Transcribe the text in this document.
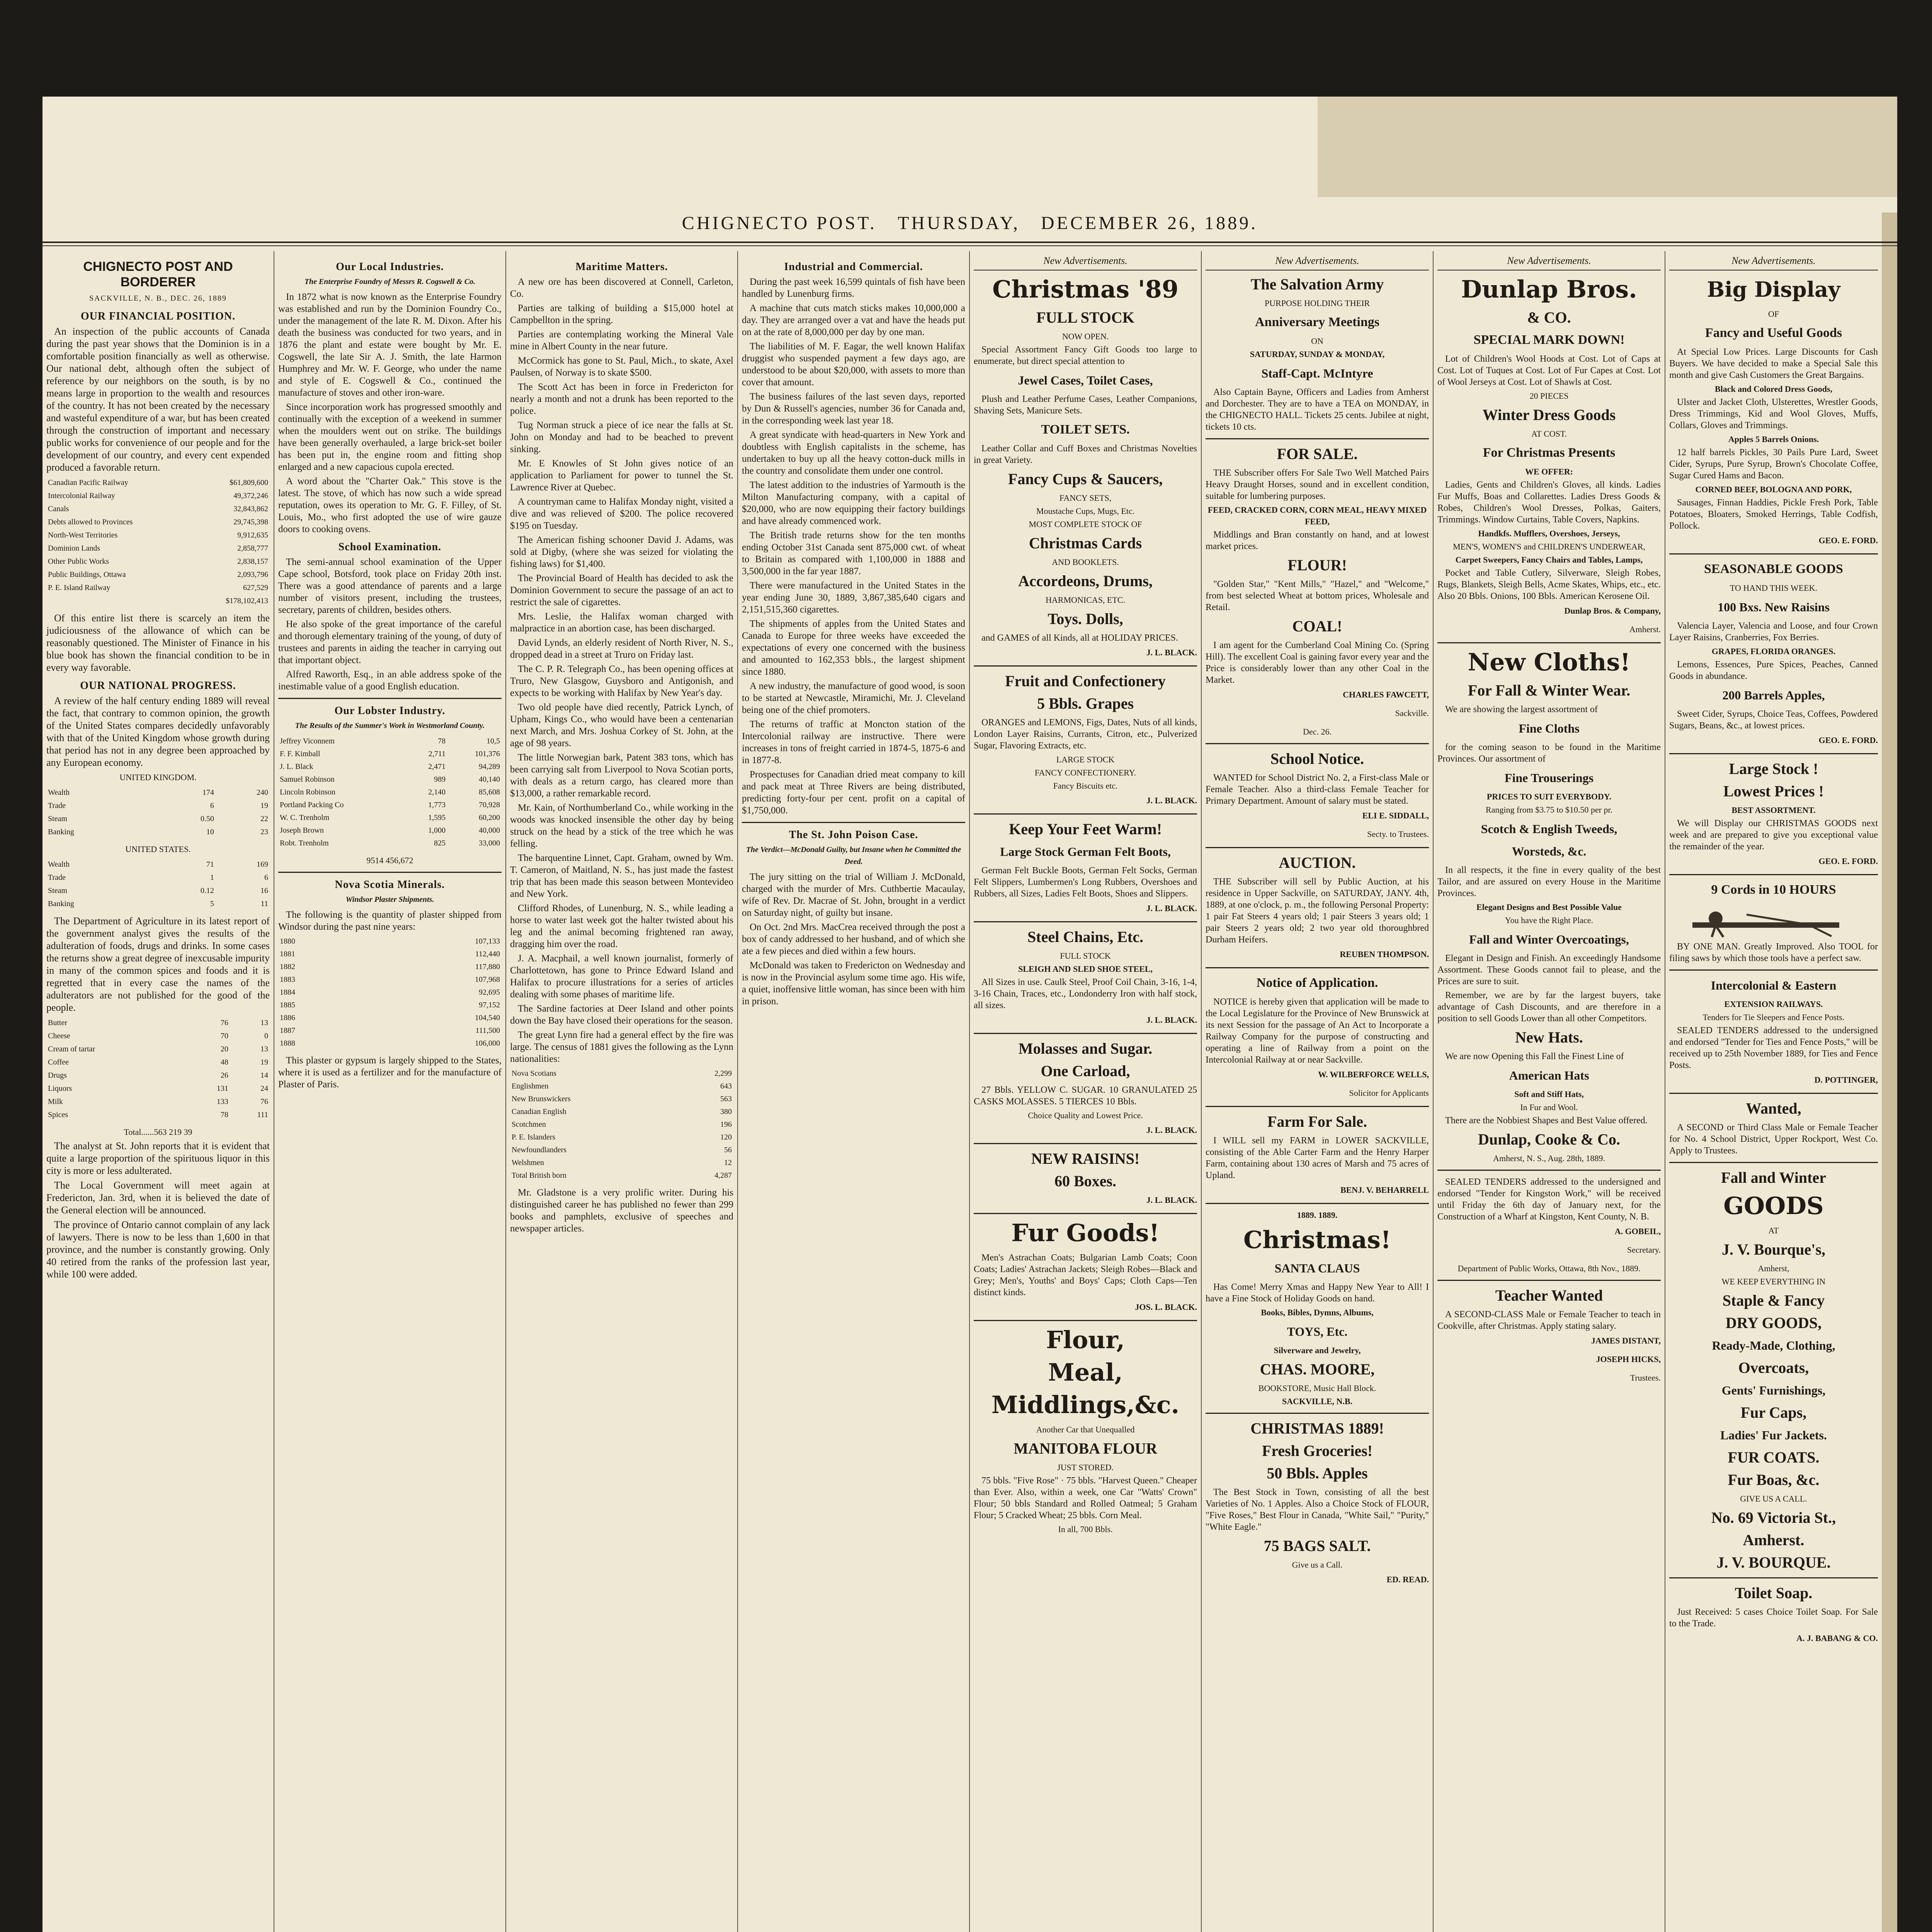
CHIGNECTO POST. THURSDAY, DECEMBER 26, 1889.
CHIGNECTO POST AND BORDERER
SACKVILLE, N. B., DEC. 26, 1889
OUR FINANCIAL POSITION.

An inspection of the public accounts of Canada during the past year shows that the Dominion is in a comfortable position financially as well as otherwise. Our national debt, although often the subject of reference by our neighbors on the south, is by no means large in proportion to the wealth and resources of the country. It has not been created by the necessary and wasteful expenditure of a war, but has been created through the construction of important and necessary public works for convenience of our people and for the development of our country, and every cent expended produced a favorable return.

Canadian Pacific Railway	$61,809,600
Intercolonial Railway	49,372,246
Canals	32,843,862
Debts allowed to Provinces	29,745,398
North-West Territories	9,912,635
Dominion Lands	2,858,777
Other Public Works	2,838,157
Public Buildings, Ottawa	2,093,796
P. E. Island Railway	627,529
	$178,102,413

Of this entire list there is scarcely an item the judiciousness of the allowance of which can be reasonably questioned. The Minister of Finance in his blue book has shown the financial condition to be in every way favorable.

OUR NATIONAL PROGRESS.

A review of the half century ending 1889 will reveal the fact, that contrary to common opinion, the growth of the United States compares decidedly unfavorably with that of the United Kingdom whose growth during that period has not in any degree been approached by any European economy.

UNITED KINGDOM.
Wealth	174	240
Trade	6	19
Steam	0.50	22
Banking	10	23
UNITED STATES.
Wealth	71	169
Trade	1	6
Steam	0.12	16
Banking	5	11

The Department of Agriculture in its latest report of the government analyst gives the results of the adulteration of foods, drugs and drinks. In some cases the returns show a great degree of inexcusable impurity in many of the common spices and foods and it is regretted that in every case the names of the adulterators are not published for the good of the people.

Butter	76	13
Cheese	70	0
Cream of tartar	20	13
Coffee	48	19
Drugs	26	14
Liquors	131	24
Milk	133	76
Spices	78	111
Total......563 219 39

The analyst at St. John reports that it is evident that quite a large proportion of the spirituous liquor in this city is more or less adulterated.

The Local Government will meet again at Fredericton, Jan. 3rd, when it is believed the date of the General election will be announced.

The province of Ontario cannot complain of any lack of lawyers. There is now to be less than 1,600 in that province, and the number is constantly growing. Only 40 retired from the ranks of the profession last year, while 100 were added.

Our Local Industries.
The Enterprise Foundry of Messrs R. Cogswell & Co.

In 1872 what is now known as the Enterprise Foundry was established and run by the Dominion Foundry Co., under the management of the late R. M. Dixon. After his death the business was conducted for two years, and in 1876 the plant and estate were bought by Mr. E. Cogswell, the late Sir A. J. Smith, the late Harmon Humphrey and Mr. W. F. George, who under the name and style of E. Cogswell & Co., continued the manufacture of stoves and other iron-ware.

Since incorporation work has progressed smoothly and continually with the exception of a weekend in summer when the moulders went out on strike. The buildings have been generally overhauled, a large brick-set boiler has been put in, the engine room and fitting shop enlarged and a new capacious cupola erected.

A word about the "Charter Oak." This stove is the latest. The stove, of which has now such a wide spread reputation, owes its operation to Mr. G. F. Filley, of St. Louis, Mo., who first adopted the use of wire gauze doors to cooking ovens.

School Examination.

The semi-annual school examination of the Upper Cape school, Botsford, took place on Friday 20th inst. There was a good attendance of parents and a large number of visitors present, including the trustees, secretary, parents of children, besides others.

He also spoke of the great importance of the careful and thorough elementary training of the young, of duty of trustees and parents in aiding the teacher in carrying out that important object.

Alfred Raworth, Esq., in an able address spoke of the inestimable value of a good English education.

Our Lobster Industry.
The Results of the Summer's Work in Westmorland County.
Jeffrey Viconnem	78	10,5
F. F. Kimball	2,711	101,376
J. L. Black	2,471	94,289
Samuel Robinson	989	40,140
Lincoln Robinson	2,140	85,608
Portland Packing Co	1,773	70,928
W. C. Trenholm	1,595	60,200
Joseph Brown	1,000	40,000
Robt. Trenholm	825	33,000
9514 456,672
Nova Scotia Minerals.
Windsor Plaster Shipments.

The following is the quantity of plaster shipped from Windsor during the past nine years:

1880	107,133
1881	112,440
1882	117,880
1883	107,968
1884	92,695
1885	97,152
1886	104,540
1887	111,500
1888	106,000

This plaster or gypsum is largely shipped to the States, where it is used as a fertilizer and for the manufacture of Plaster of Paris.

Maritime Matters.

A new ore has been discovered at Connell, Carleton, Co.

Parties are talking of building a $15,000 hotel at Campbellton in the spring.

Parties are contemplating working the Mineral Vale mine in Albert County in the near future.

McCormick has gone to St. Paul, Mich., to skate, Axel Paulsen, of Norway is to skate $500.

The Scott Act has been in force in Fredericton for nearly a month and not a drunk has been reported to the police.

Tug Norman struck a piece of ice near the falls at St. John on Monday and had to be beached to prevent sinking.

Mr. E Knowles of St John gives notice of an application to Parliament for power to tunnel the St. Lawrence River at Quebec.

A countryman came to Halifax Monday night, visited a dive and was relieved of $200. The police recovered $195 on Tuesday.

The American fishing schooner David J. Adams, was sold at Digby, (where she was seized for violating the fishing laws) for $1,400.

The Provincial Board of Health has decided to ask the Dominion Government to secure the passage of an act to restrict the sale of cigarettes.

Mrs. Leslie, the Halifax woman charged with malpractice in an abortion case, has been discharged.

David Lynds, an elderly resident of North River, N. S., dropped dead in a street at Truro on Friday last.

The C. P. R. Telegraph Co., has been opening offices at Truro, New Glasgow, Guysboro and Antigonish, and expects to be working with Halifax by New Year's day.

Two old people have died recently, Patrick Lynch, of Upham, Kings Co., who would have been a centenarian next March, and Mrs. Joshua Corkey of St. John, at the age of 98 years.

The little Norwegian bark, Patent 383 tons, which has been carrying salt from Liverpool to Nova Scotian ports, with deals as a return cargo, has cleared more than $13,000, a rather remarkable record.

Mr. Kain, of Northumberland Co., while working in the woods was knocked insensible the other day by being struck on the head by a stick of the tree which he was felling.

The barquentine Linnet, Capt. Graham, owned by Wm. T. Cameron, of Maitland, N. S., has just made the fastest trip that has been made this season between Montevideo and New York.

Clifford Rhodes, of Lunenburg, N. S., while leading a horse to water last week got the halter twisted about his leg and the animal becoming frightened ran away, dragging him over the road.

J. A. Macphail, a well known journalist, formerly of Charlottetown, has gone to Prince Edward Island and Halifax to procure illustrations for a series of articles dealing with some phases of maritime life.

The Sardine factories at Deer Island and other points down the Bay have closed their operations for the season.

The great Lynn fire had a general effect by the fire was large. The census of 1881 gives the following as the Lynn nationalities:

Nova Scotians	2,299
Englishmen	643
New Brunswickers	563
Canadian English	380
Scotchmen	196
P. E. Islanders	120
Newfoundlanders	56
Welshmen	12
Total British born	4,287

Mr. Gladstone is a very prolific writer. During his distinguished career he has published no fewer than 299 books and pamphlets, exclusive of speeches and newspaper articles.

Industrial and Commercial.

During the past week 16,599 quintals of fish have been handled by Lunenburg firms.

A machine that cuts match sticks makes 10,000,000 a day. They are arranged over a vat and have the heads put on at the rate of 8,000,000 per day by one man.

The liabilities of M. F. Eagar, the well known Halifax druggist who suspended payment a few days ago, are understood to be about $20,000, with assets to more than cover that amount.

The business failures of the last seven days, reported by Dun & Russell's agencies, number 36 for Canada and, in the corresponding week last year 18.

A great syndicate with head-quarters in New York and doubtless with English capitalists in the scheme, has undertaken to buy up all the heavy cotton-duck mills in the country and consolidate them under one control.

The latest addition to the industries of Yarmouth is the Milton Manufacturing company, with a capital of $20,000, who are now equipping their factory buildings and have already commenced work.

The British trade returns show for the ten months ending October 31st Canada sent 875,000 cwt. of wheat to Britain as compared with 1,100,000 in 1888 and 3,500,000 in the far year 1887.

There were manufactured in the United States in the year ending June 30, 1889, 3,867,385,640 cigars and 2,151,515,360 cigarettes.

The shipments of apples from the United States and Canada to Europe for three weeks have exceeded the expectations of every one concerned with the business and amounted to 162,353 bbls., the largest shipment since 1880.

A new industry, the manufacture of good wood, is soon to be started at Newcastle, Miramichi, Mr. J. Cleveland being one of the chief promoters.

The returns of traffic at Moncton station of the Intercolonial railway are instructive. There were increases in tons of freight carried in 1874-5, 1875-6 and in 1877-8.

Prospectuses for Canadian dried meat company to kill and pack meat at Three Rivers are being distributed, predicting forty-four per cent. profit on a capital of $1,750,000.

The St. John Poison Case.
The Verdict—McDonald Guilty, but Insane when he Committed the Deed.

The jury sitting on the trial of William J. McDonald, charged with the murder of Mrs. Cuthbertie Macaulay, wife of Rev. Dr. Macrae of St. John, brought in a verdict on Saturday night, of guilty but insane.

On Oct. 2nd Mrs. MacCrea received through the post a box of candy addressed to her husband, and of which she ate a few pieces and died within a few hours.

McDonald was taken to Fredericton on Wednesday and is now in the Provincial asylum some time ago. His wife, a quiet, inoffensive little woman, has since been with him in prison.

New Advertisements.
Christmas '89
FULL STOCK
NOW OPEN.

Special Assortment Fancy Gift Goods too large to enumerate, but direct special attention to

Jewel Cases, Toilet Cases,

Plush and Leather Perfume Cases, Leather Companions, Shaving Sets, Manicure Sets.

TOILET SETS.

Leather Collar and Cuff Boxes and Christmas Novelties in great Variety.

Fancy Cups & Saucers,
FANCY SETS,
Moustache Cups, Mugs, Etc.
MOST COMPLETE STOCK OF
Christmas Cards
AND BOOKLETS.
Accordeons, Drums,
HARMONICAS, ETC.
Toys. Dolls,

and GAMES of all Kinds, all at HOLIDAY PRICES.

J. L. BLACK.
Fruit and Confectionery
5 Bbls. Grapes

ORANGES and LEMONS, Figs, Dates, Nuts of all kinds, London Layer Raisins, Currants, Citron, etc., Pulverized Sugar, Flavoring Extracts, etc.

LARGE STOCK
FANCY CONFECTIONERY.
Fancy Biscuits etc.
J. L. BLACK.
Keep Your Feet Warm!
Large Stock German Felt Boots,

German Felt Buckle Boots, German Felt Socks, German Felt Slippers, Lumbermen's Long Rubbers, Overshoes and Rubbers, all Sizes, Ladies Felt Boots, Shoes and Slippers.

J. L. BLACK.
Steel Chains, Etc.
FULL STOCK
SLEIGH AND SLED SHOE STEEL,

All Sizes in use. Caulk Steel, Proof Coil Chain, 3-16, 1-4, 3-16 Chain, Traces, etc., Londonderry Iron with half stock, all sizes.

J. L. BLACK.
Molasses and Sugar.
One Carload,

27 Bbls. YELLOW C. SUGAR. 10 GRANULATED 25 CASKS MOLASSES. 5 TIERCES 10 Bbls.

Choice Quality and Lowest Price.
J. L. BLACK.
NEW RAISINS!
60 Boxes.
J. L. BLACK.
Fur Goods!

Men's Astrachan Coats; Bulgarian Lamb Coats; Coon Coats; Ladies' Astrachan Jackets; Sleigh Robes—Black and Grey; Men's, Youths' and Boys' Caps; Cloth Caps—Ten distinct kinds.

JOS. L. BLACK.
Flour,
Meal,
Middlings,&c.
Another Car that Unequalled
MANITOBA FLOUR
JUST STORED.

75 bbls. "Five Rose" · 75 bbls. "Harvest Queen." Cheaper than Ever. Also, within a week, one Car "Watts' Crown" Flour; 50 bbls Standard and Rolled Oatmeal; 5 Graham Flour; 5 Cracked Wheat; 25 bbls. Corn Meal.

In all, 700 Bbls.
New Advertisements.
The Salvation Army
PURPOSE HOLDING THEIR
Anniversary Meetings
ON
SATURDAY, SUNDAY & MONDAY,
Staff-Capt. McIntyre

Also Captain Bayne, Officers and Ladies from Amherst and Dorchester. They are to have a TEA on MONDAY, in the CHIGNECTO HALL. Tickets 25 cents. Jubilee at night, tickets 10 cts.

FOR SALE.

THE Subscriber offers For Sale Two Well Matched Pairs Heavy Draught Horses, sound and in excellent condition, suitable for lumbering purposes.

FEED, CRACKED CORN, CORN MEAL, HEAVY MIXED FEED,

Middlings and Bran constantly on hand, and at lowest market prices.

FLOUR!

"Golden Star," "Kent Mills," "Hazel," and "Welcome," from best selected Wheat at bottom prices, Wholesale and Retail.

COAL!

I am agent for the Cumberland Coal Mining Co. (Spring Hill). The excellent Coal is gaining favor every year and the Price is considerably lower than any other Coal in the Market.

CHARLES FAWCETT,
Sackville.
Dec. 26.
School Notice.

WANTED for School District No. 2, a First-class Male or Female Teacher. Also a third-class Female Teacher for Primary Department. Amount of salary must be stated.

ELI E. SIDDALL,
Secty. to Trustees.
AUCTION.

THE Subscriber will sell by Public Auction, at his residence in Upper Sackville, on SATURDAY, JANY. 4th, 1889, at one o'clock, p. m., the following Personal Property: 1 pair Fat Steers 4 years old; 1 pair Steers 3 years old; 1 pair Steers 2 years old; 2 two year old thoroughbred Durham Heifers.

REUBEN THOMPSON.
Notice of Application.

NOTICE is hereby given that application will be made to the Local Legislature for the Province of New Brunswick at its next Session for the passage of An Act to Incorporate a Railway Company for the purpose of constructing and operating a line of Railway from a point on the Intercolonial Railway at or near Sackville.

W. WILBERFORCE WELLS,
Solicitor for Applicants
Farm For Sale.

I WILL sell my FARM in LOWER SACKVILLE, consisting of the Able Carter Farm and the Henry Harper Farm, containing about 130 acres of Marsh and 75 acres of Upland.

BENJ. V. BEHARRELL
1889. 1889.
Christmas!
SANTA CLAUS

Has Come! Merry Xmas and Happy New Year to All! I have a Fine Stock of Holiday Goods on hand.

Books, Bibles, Dymns, Albums,
TOYS, Etc.
Silverware and Jewelry,
CHAS. MOORE,
BOOKSTORE, Music Hall Block.
SACKVILLE, N.B.
CHRISTMAS 1889!
Fresh Groceries!
50 Bbls. Apples

The Best Stock in Town, consisting of all the best Varieties of No. 1 Apples. Also a Choice Stock of FLOUR, "Five Roses," Best Flour in Canada, "White Sail," "Purity," "White Eagle."

75 BAGS SALT.
Give us a Call.
ED. READ.
New Advertisements.
Dunlap Bros.
& CO.
SPECIAL MARK DOWN!

Lot of Children's Wool Hoods at Cost. Lot of Caps at Cost. Lot of Tuques at Cost. Lot of Fur Capes at Cost. Lot of Wool Jerseys at Cost. Lot of Shawls at Cost.

20 PIECES
Winter Dress Goods
AT COST.
For Christmas Presents
WE OFFER:

Ladies, Gents and Children's Gloves, all kinds. Ladies Fur Muffs, Boas and Collarettes. Ladies Dress Goods & Robes, Children's Wool Dresses, Polkas, Gaiters, Trimmings. Window Curtains, Table Covers, Napkins.

Handkfs. Mufflers, Overshoes, Jerseys,
MEN'S, WOMEN'S and CHILDREN'S UNDERWEAR,
Carpet Sweepers, Fancy Chairs and Tables, Lamps,

Pocket and Table Cutlery, Silverware, Sleigh Robes, Rugs, Blankets, Sleigh Bells, Acme Skates, Whips, etc., etc. Also 20 Bbls. Onions, 100 Bbls. American Kerosene Oil.

Dunlap Bros. & Company,
Amherst.
New Cloths!
For Fall & Winter Wear.

We are showing the largest assortment of

Fine Cloths

for the coming season to be found in the Maritime Provinces. Our assortment of

Fine Trouserings
PRICES TO SUIT EVERYBODY.
Ranging from $3.75 to $10.50 per pr.
Scotch & English Tweeds,
Worsteds, &c.

In all respects, it the fine in every quality of the best Tailor, and are assured on every House in the Maritime Provinces.

Elegant Designs and Best Possible Value
You have the Right Place.
Fall and Winter Overcoatings,

Elegant in Design and Finish. An exceedingly Handsome Assortment. These Goods cannot fail to please, and the Prices are sure to suit.

Remember, we are by far the largest buyers, take advantage of Cash Discounts, and are therefore in a position to sell Goods Lower than all other Competitors.

New Hats.

We are now Opening this Fall the Finest Line of

American Hats
Soft and Stiff Hats,
In Fur and Wool.

There are the Nobbiest Shapes and Best Value offered.

Dunlap, Cooke & Co.
Amherst, N. S., Aug. 28th, 1889.

SEALED TENDERS addressed to the undersigned and endorsed "Tender for Kingston Work," will be received until Friday the 6th day of January next, for the Construction of a Wharf at Kingston, Kent County, N. B.

A. GOBEIL,
Secretary.
Department of Public Works, Ottawa, 8th Nov., 1889.
Teacher Wanted

A SECOND-CLASS Male or Female Teacher to teach in Cookville, after Christmas. Apply stating salary.

JAMES DISTANT,
JOSEPH HICKS,
Trustees.
New Advertisements.
Big Display
OF
Fancy and Useful Goods

At Special Low Prices. Large Discounts for Cash Buyers. We have decided to make a Special Sale this month and give Cash Customers the Great Bargains.

Black and Colored Dress Goods,

Ulster and Jacket Cloth, Ulsterettes, Wrestler Goods, Dress Trimmings, Kid and Wool Gloves, Muffs, Collars, Gloves and Trimmings.

Apples 5 Barrels Onions.

12 half barrels Pickles, 30 Pails Pure Lard, Sweet Cider, Syrups, Pure Syrup, Brown's Chocolate Coffee, Sugar Cured Hams and Bacon.

CORNED BEEF, BOLOGNA AND PORK,

Sausages, Finnan Haddies, Pickle Fresh Pork, Table Potatoes, Bloaters, Smoked Herrings, Table Codfish, Pollock.

GEO. E. FORD.
SEASONABLE GOODS
TO HAND THIS WEEK.
100 Bxs. New Raisins

Valencia Layer, Valencia and Loose, and four Crown Layer Raisins, Cranberries, Fox Berries.

GRAPES, FLORIDA ORANGES.

Lemons, Essences, Pure Spices, Peaches, Canned Goods in abundance.

200 Barrels Apples,

Sweet Cider, Syrups, Choice Teas, Coffees, Powdered Sugars, Beans, &c., at lowest prices.

GEO. E. FORD.
Large Stock !
Lowest Prices !
BEST ASSORTMENT.

We will Display our CHRISTMAS GOODS next week and are prepared to give you exceptional value the remainder of the year.

GEO. E. FORD.
9 Cords in 10 HOURS

BY ONE MAN. Greatly Improved. Also TOOL for filing saws by which those tools have a perfect saw.

Intercolonial & Eastern
EXTENSION RAILWAYS.
Tenders for Tie Sleepers and Fence Posts.

SEALED TENDERS addressed to the undersigned and endorsed "Tender for Ties and Fence Posts," will be received up to 25th November 1889, for Ties and Fence Posts.

D. POTTINGER,
Wanted,

A SECOND or Third Class Male or Female Teacher for No. 4 School District, Upper Rockport, West Co. Apply to Trustees.

Fall and Winter
GOODS
AT
J. V. Bourque's,
Amherst,
WE KEEP EVERYTHING IN
Staple & Fancy
DRY GOODS,
Ready-Made, Clothing,
Overcoats,
Gents' Furnishings,
Fur Caps,
Ladies' Fur Jackets.
FUR COATS.
Fur Boas, &c.
GIVE US A CALL.
No. 69 Victoria St.,
Amherst.
J. V. BOURQUE.
Toilet Soap.

Just Received: 5 cases Choice Toilet Soap. For Sale to the Trade.

A. J. BABANG & CO.
